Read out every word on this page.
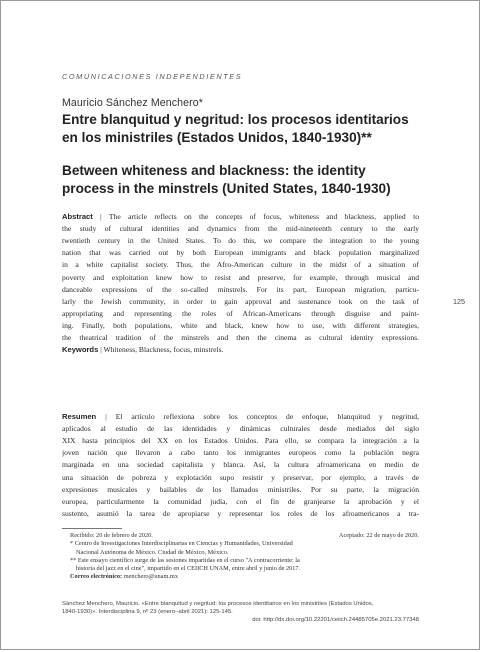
COMUNICACIONES INDEPENDIENTES
Mauricio Sánchez Menchero*
Entre blanquitud y negritud: los procesos identitarios
en los ministriles (Estados Unidos, 1840-1930)**
Between whiteness and blackness: the identity
process in the minstrels (United States, 1840-1930)
Abstract | The article reflects on the concepts of focus, whiteness and blackness, applied to
the study of cultural identities and dynamics from the mid-nineteenth century to the early
twentieth century in the United States. To do this, we compare the integration to the young
nation that was carried out by both European immigrants and black population marginalized
in a white capitalist society. Thus, the Afro-American culture in the midst of a situation of
poverty and exploitation knew how to resist and preserve, for example, through musical and
danceable expressions of the so-called minstrels. For its part, European migration, particu-
larly the Jewish community, in order to gain approval and sustenance took on the task of
appropriating and representing the roles of African-Americans through disguise and paint-
ing. Finally, both populations, white and black, knew how to use, with different strategies,
the theatrical tradition of the minstrels and then the cinema as cultural identity expressions.
Keywords | Whiteness, Blackness, focus, minstrels.
125
Resumen | El artículo reflexiona sobre los conceptos de enfoque, blanquitud y negritud,
aplicados al estudio de las identidades y dinámicas culturales desde mediados del siglo
XIX hasta principios del XX en los Estados Unidos. Para ello, se compara la integración a la
joven nación que llevaron a cabo tanto los inmigrantes europeos como la población negra
marginada en una sociedad capitalista y blanca. Así, la cultura afroamericana en medio de
una situación de pobreza y explotación supo resistir y preservar, por ejemplo, a través de
expresiones musicales y bailables de los llamados ministriles. Por su parte, la migración
europea, particularmente la comunidad judía, con el fin de granjearse la aprobación y el
sustento, asumió la tarea de apropiarse y representar los roles de los afroamericanos a tra-
Recibido: 20 de febrero de 2020.	Aceptado: 22 de mayo de 2020.
* Centro de Investigaciones Interdisciplinarias en Ciencias y Humanidades, Universidad
Nacional Autónoma de México. Ciudad de México, México.
** Este ensayo científico surge de las sesiones impartidas en el curso "A contracorriente: la
historia del jazz en el cine", impartido en el CEIICH UNAM, entre abril y junio de 2017.
Correo electrónico: menchero@unam.mx
Sánchez Menchero, Mauricio. «Entre blanquitud y negritud: los procesos identitarios en los ministriles (Estados Unidos,
1840-1930)». Interdisciplina 9, nº 23 (enero–abril 2021): 125-145.
doi: http://dx.doi.org/10.22201/ceiich.24485705e.2021.23.77348
